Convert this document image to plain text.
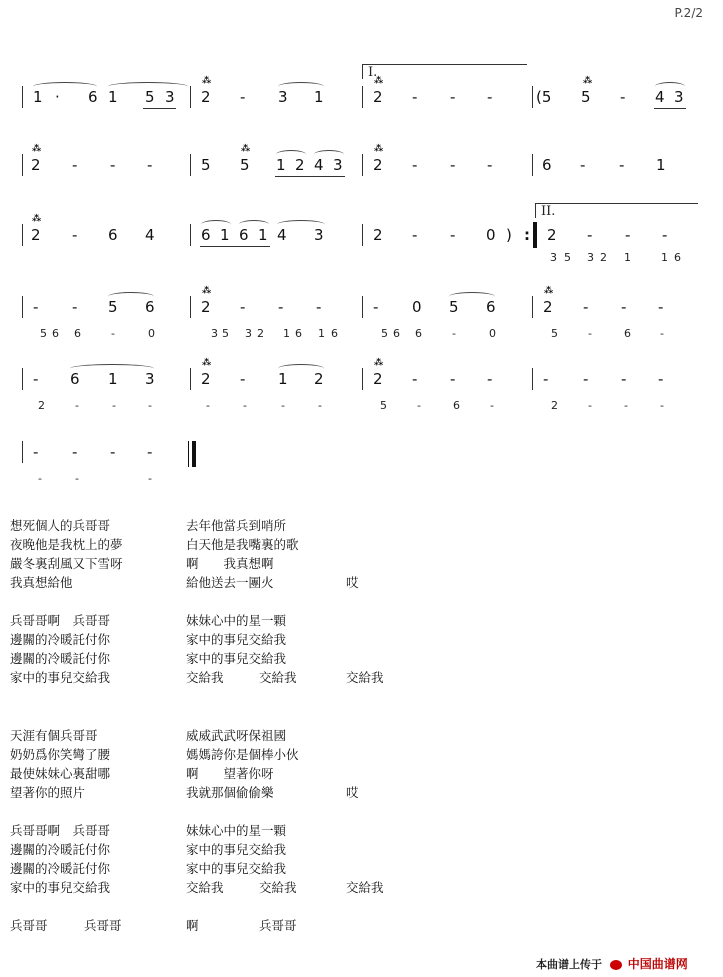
P.2/2
I.
II.
1 · 6 1 5 3
⁂
2 - 3 1
⁂
2 - - -	(5
⁂
5 - 4 3
⁂
2 - - -	5
⁂
5 1 2 4 3
⁂
2 - - -	6 - - 1
⁂
2 - 6 4	6 1 6 1 4 3	2 - - 0 ) : 2 - - -
3 5 3 2 1	1 6
- - 5 6
5 6 6	-	0
⁂
2 - - -
3 5 3 2 1 6 1 6
- 0 5 6
5 6 6	-	0
⁂
2 - - -
5	-	6	-
- 6 1 3
2	-	-	-
⁂
2 - 1 2
-	-	-	-
⁂
2 - - -
5	-	6	-
- - - -
2	-	-	-
- - - -
-	-	-
想死個人的兵哥哥	去年他當兵到哨所
夜晚他是我枕上的夢	白天他是我嘴裏的歌
嚴冬裏刮風又下雪呀	啊　　我真想啊
我真想給他	給他送去一團火	哎
兵哥哥啊　兵哥哥	妹妹心中的星一顆
邊關的冷暖託付你	家中的事兒交給我
邊關的冷暖託付你	家中的事兒交給我
家中的事兒交給我	交給我	交給我	交給我
天涯有個兵哥哥	威威武武呀保祖國
奶奶爲你笑彎了腰	媽媽誇你是個棒小伙
最使妹妹心裏甜哪	啊　　望著你呀
望著你的照片	我就那個偷偷樂	哎
兵哥哥啊　兵哥哥	妹妹心中的星一顆
邊關的冷暖託付你	家中的事兒交給我
邊關的冷暖託付你	家中的事兒交給我
家中的事兒交給我	交給我	交給我	交給我
兵哥哥	兵哥哥	啊	兵哥哥
本曲谱上传于 中国曲谱网
